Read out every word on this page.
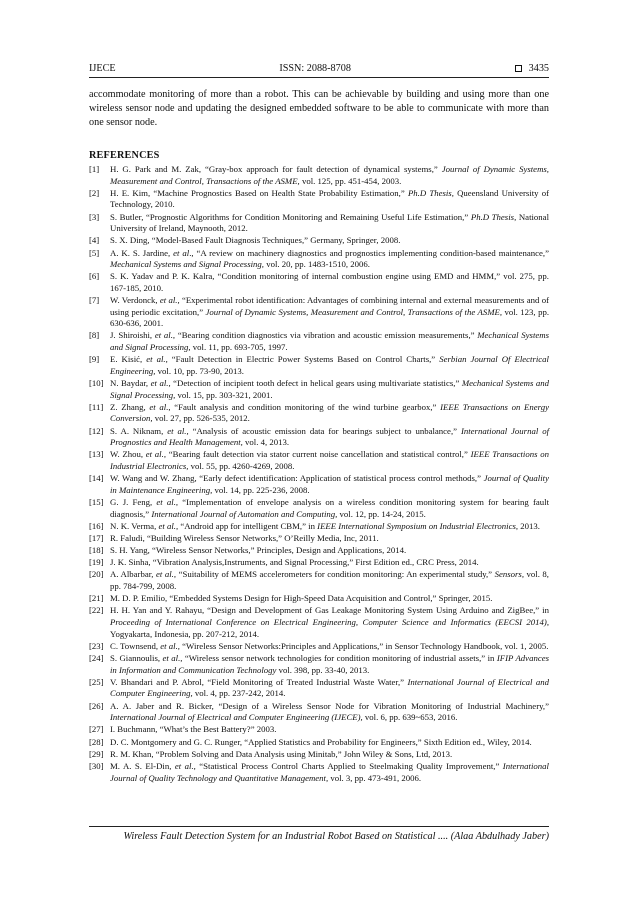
IJECE	ISSN: 2088-8708	3435
accommodate monitoring of more than a robot. This can be achievable by building and using more than one wireless sensor node and updating the designed embedded software to be able to communicate with more than one sensor node.
REFERENCES
[1]	H. G. Park and M. Zak, “Gray-box approach for fault detection of dynamical systems,” Journal of Dynamic Systems, Measurement and Control, Transactions of the ASME, vol. 125, pp. 451-454, 2003.
[2]	H. E. Kim, “Machine Prognostics Based on Health State Probability Estimation,” Ph.D Thesis, Queensland University of Technology, 2010.
[3]	S. Butler, “Prognostic Algorithms for Condition Monitoring and Remaining Useful Life Estimation,” Ph.D Thesis, National University of Ireland, Maynooth, 2012.
[4]	S. X. Ding, “Model-Based Fault Diagnosis Techniques,” Germany, Springer, 2008.
[5]	A. K. S. Jardine, et al., “A review on machinery diagnostics and prognostics implementing condition-based maintenance,” Mechanical Systems and Signal Processing, vol. 20, pp. 1483-1510, 2006.
[6]	S. K. Yadav and P. K. Kalra, “Condition monitoring of internal combustion engine using EMD and HMM,” vol. 275, pp. 167-185, 2010.
[7]	W. Verdonck, et al., “Experimental robot identification: Advantages of combining internal and external measurements and of using periodic excitation,” Journal of Dynamic Systems, Measurement and Control, Transactions of the ASME, vol. 123, pp. 630-636, 2001.
[8]	J. Shiroishi, et al., “Bearing condition diagnostics via vibration and acoustic emission measurements,” Mechanical Systems and Signal Processing, vol. 11, pp. 693-705, 1997.
[9]	E. Kisić, et al., “Fault Detection in Electric Power Systems Based on Control Charts,” Serbian Journal Of Electrical Engineering, vol. 10, pp. 73-90, 2013.
[10] N. Baydar, et al., “Detection of incipient tooth defect in helical gears using multivariate statistics,” Mechanical Systems and Signal Processing, vol. 15, pp. 303-321, 2001.
[11] Z. Zhang, et al., “Fault analysis and condition monitoring of the wind turbine gearbox,” IEEE Transactions on Energy Conversion, vol. 27, pp. 526-535, 2012.
[12] S. A. Niknam, et al., “Analysis of acoustic emission data for bearings subject to unbalance,” International Journal of Prognostics and Health Management, vol. 4, 2013.
[13] W. Zhou, et al., “Bearing fault detection via stator current noise cancellation and statistical control,” IEEE Transactions on Industrial Electronics, vol. 55, pp. 4260-4269, 2008.
[14] W. Wang and W. Zhang, “Early defect identification: Application of statistical process control methods,” Journal of Quality in Maintenance Engineering, vol. 14, pp. 225-236, 2008.
[15] G. J. Feng, et al., “Implementation of envelope analysis on a wireless condition monitoring system for bearing fault diagnosis,” International Journal of Automation and Computing, vol. 12, pp. 14-24, 2015.
[16] N. K. Verma, et al., “Android app for intelligent CBM,” in IEEE International Symposium on Industrial Electronics, 2013.
[17] R. Faludi, “Building Wireless Sensor Networks,” O’Reilly Media, Inc, 2011.
[18] S. H. Yang, “Wireless Sensor Networks,” Principles, Design and Applications, 2014.
[19] J. K. Sinha, “Vibration Analysis,Instruments, and Signal Processing,” First Edition ed., CRC Press, 2014.
[20] A. Albarbar, et al., “Suitability of MEMS accelerometers for condition monitoring: An experimental study,” Sensors, vol. 8, pp. 784-799, 2008.
[21] M. D. P. Emilio, “Embedded Systems Design for High-Speed Data Acquisition and Control,” Springer, 2015.
[22] H. H. Yan and Y. Rahayu, “Design and Development of Gas Leakage Monitoring System Using Arduino and ZigBee,” in Proceeding of International Conference on Electrical Engineering, Computer Science and Informatics (EECSI 2014), Yogyakarta, Indonesia, pp. 207-212, 2014.
[23] C. Townsend, et al., “Wireless Sensor Networks:Principles and Applications,” in Sensor Technology Handbook, vol. 1, 2005.
[24] S. Giannoulis, et al., “Wireless sensor network technologies for condition monitoring of industrial assets,” in IFIP Advances in Information and Communication Technology vol. 398, pp. 33-40, 2013.
[25] V. Bhandari and P. Abrol, “Field Monitoring of Treated Industrial Waste Water,” International Journal of Electrical and Computer Engineering, vol. 4, pp. 237-242, 2014.
[26] A. A. Jaber and R. Bicker, “Design of a Wireless Sensor Node for Vibration Monitoring of Industrial Machinery,” International Journal of Electrical and Computer Engineering (IJECE), vol. 6, pp. 639~653, 2016.
[27] I. Buchmann, “What’s the Best Battery?” 2003.
[28] D. C. Montgomery and G. C. Runger, “Applied Statistics and Probability for Engineers,” Sixth Edition ed., Wiley, 2014.
[29] R. M. Khan, “Problem Solving and Data Analysis using Minitab,” John Wiley & Sons, Ltd, 2013.
[30] M. A. S. El-Din, et al., “Statistical Process Control Charts Applied to Steelmaking Quality Improvement,” International Journal of Quality Technology and Quantitative Management, vol. 3, pp. 473-491, 2006.
Wireless Fault Detection System for an Industrial Robot Based on Statistical .... (Alaa Abdulhady Jaber)
